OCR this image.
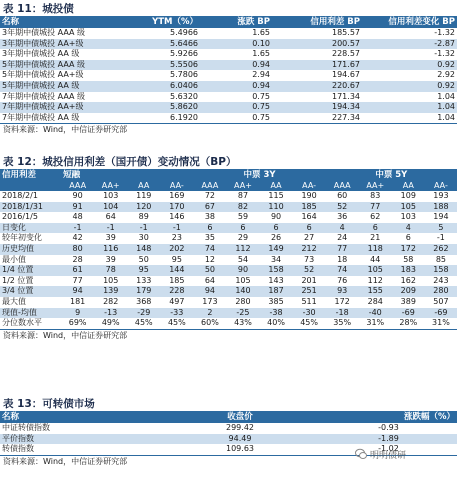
表 11：城投债
名称	YTM（%）	涨跌 BP	信用利差 BP	信用利差变化 BP
3年期中债城投 AAA 级	5.4966	1.65	185.57	-1.32
3年期中债城投 AA+级	5.6466	0.10	200.57	-2.87
3年期中债城投 AA 级	5.9266	1.65	228.57	-1.32
5年期中债城投 AAA 级	5.5506	0.94	171.67	0.92
5年期中债城投 AA+级	5.7806	2.94	194.67	2.92
5年期中债城投 AA 级	6.0406	0.94	220.67	0.92
7年期中债城投 AAA 级	5.6320	0.75	171.34	1.04
7年期中债城投 AA+级	5.8620	0.75	194.34	1.04
7年期中债城投 AA 级	6.1920	0.75	227.34	1.04
资料来源：Wind，中信证券研究部
表 12：城投信用利差（国开债）变动情况（BP）
信用利差	短融				中票 3Y				中票 5Y			
	AAA	AA+	AA	AA-	AAA	AA+	AA	AA-	AAA	AA+	AA	AA-
2018/2/1	90	103	119	169	72	87	115	190	60	83	109	193
2018/1/31	91	104	120	170	67	82	110	185	52	77	105	188
2016/1/5	48	64	89	146	38	59	90	164	36	62	103	194
日变化	-1	-1	-1	-1	6	6	6	6	4	6	4	5
较年初变化	42	39	30	23	35	29	26	27	24	21	6	-1
历史均值	80	116	148	202	74	112	149	212	77	118	172	262
最小值	28	39	50	95	12	54	34	73	18	44	58	85
1/4 位置	61	78	95	144	50	90	158	52	74	105	183	158
1/2 位置	77	105	133	185	64	105	143	201	76	112	162	243
3/4 位置	94	139	179	228	94	140	187	251	93	155	209	280
最大值	181	282	368	497	173	280	385	511	172	284	389	507
现值-均值	9	-13	-29	-33	2	-25	-38	-30	-18	-40	-69	-69
分位数水平	69%	49%	45%	45%	60%	43%	40%	45%	35%	31%	28%	31%
资料来源：Wind，中信证券研究部
表 13：可转债市场
名称	收盘价	涨跌幅（%）
中证转债指数	299.42	-0.93
平价指数	94.49	-1.89
转债指数	109.63	-1.02
资料来源：Wind，中信证券研究部
明明债研
